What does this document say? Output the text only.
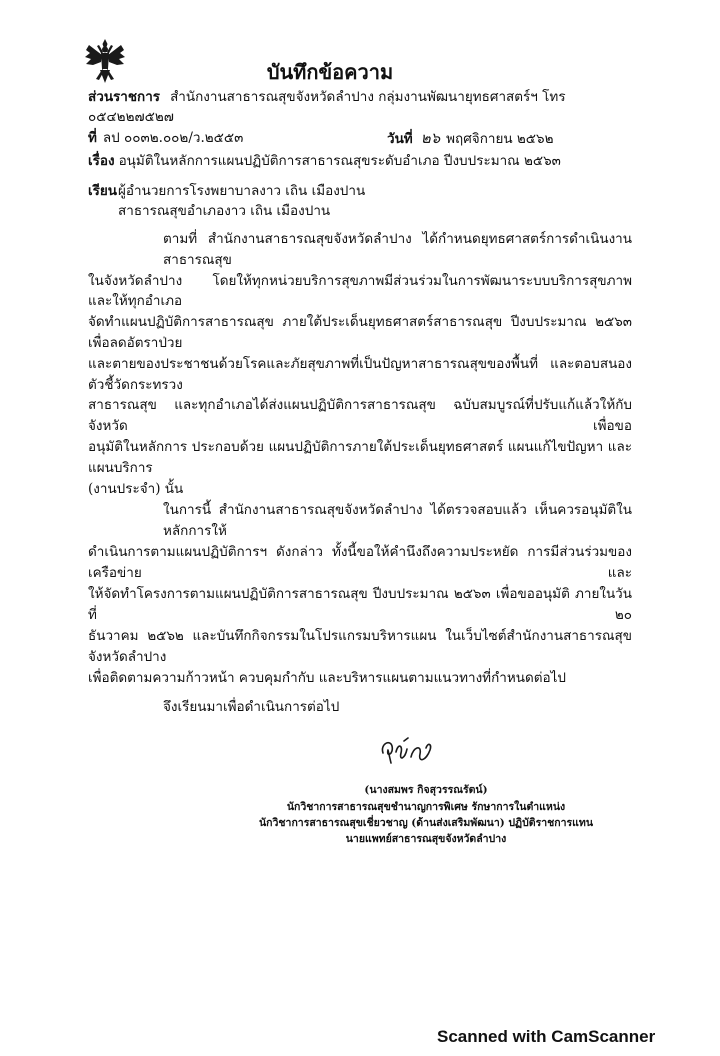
บันทึกข้อความ
ส่วนราชการ สำนักงานสาธารณสุขจังหวัดลำปาง กลุ่มงานพัฒนายุทธศาสตร์ฯ โทร ๐๕๔๒๒๗๕๒๗
ที่ ลป ๐๐๓๒.๐๐๒/ว.๒๕๕๓	วันที่ ๒๖ พฤศจิกายน ๒๕๖๒
เรื่อง อนุมัติในหลักการแผนปฏิบัติการสาธารณสุขระดับอำเภอ ปีงบประมาณ ๒๕๖๓
เรียนผู้อำนวยการโรงพยาบาลงาว เถิน เมืองปาน
สาธารณสุขอำเภองาว เถิน เมืองปาน
ตามที่ สำนักงานสาธารณสุขจังหวัดลำปาง ได้กำหนดยุทธศาสตร์การดำเนินงานสาธารณสุข
ในจังหวัดลำปาง โดยให้ทุกหน่วยบริการสุขภาพมีส่วนร่วมในการพัฒนาระบบบริการสุขภาพ และให้ทุกอำเภอ
จัดทำแผนปฏิบัติการสาธารณสุข ภายใต้ประเด็นยุทธศาสตร์สาธารณสุข ปีงบประมาณ ๒๕๖๓ เพื่อลดอัตราป่วย
และตายของประชาชนด้วยโรคและภัยสุขภาพที่เป็นปัญหาสาธารณสุขของพื้นที่ และตอบสนองตัวชี้วัดกระทรวง
สาธารณสุข และทุกอำเภอได้ส่งแผนปฏิบัติการสาธารณสุข ฉบับสมบูรณ์ที่ปรับแก้แล้วให้กับจังหวัด เพื่อขอ
อนุมัติในหลักการ ประกอบด้วย แผนปฏิบัติการภายใต้ประเด็นยุทธศาสตร์ แผนแก้ไขปัญหา และแผนบริการ
(งานประจำ) นั้น
ในการนี้ สำนักงานสาธารณสุขจังหวัดลำปาง ได้ตรวจสอบแล้ว เห็นควรอนุมัติในหลักการให้
ดำเนินการตามแผนปฏิบัติการฯ ดังกล่าว ทั้งนี้ขอให้คำนึงถึงความประหยัด การมีส่วนร่วมของเครือข่าย และ
ให้จัดทำโครงการตามแผนปฏิบัติการสาธารณสุข ปีงบประมาณ ๒๕๖๓ เพื่อขออนุมัติ ภายในวันที่ ๒๐
ธันวาคม ๒๕๖๒ และบันทึกกิจกรรมในโปรแกรมบริหารแผน ในเว็บไซต์สำนักงานสาธารณสุขจังหวัดลำปาง
เพื่อติดตามความก้าวหน้า ควบคุมกำกับ และบริหารแผนตามแนวทางที่กำหนดต่อไป
จึงเรียนมาเพื่อดำเนินการต่อไป
(นางสมพร กิจสุวรรณรัตน์)
นักวิชาการสาธารณสุขชำนาญการพิเศษ รักษาการในตำแหน่ง
นักวิชาการสาธารณสุขเชี่ยวชาญ (ด้านส่งเสริมพัฒนา) ปฏิบัติราชการแทน
นายแพทย์สาธารณสุขจังหวัดลำปาง
Scanned with CamScanner
